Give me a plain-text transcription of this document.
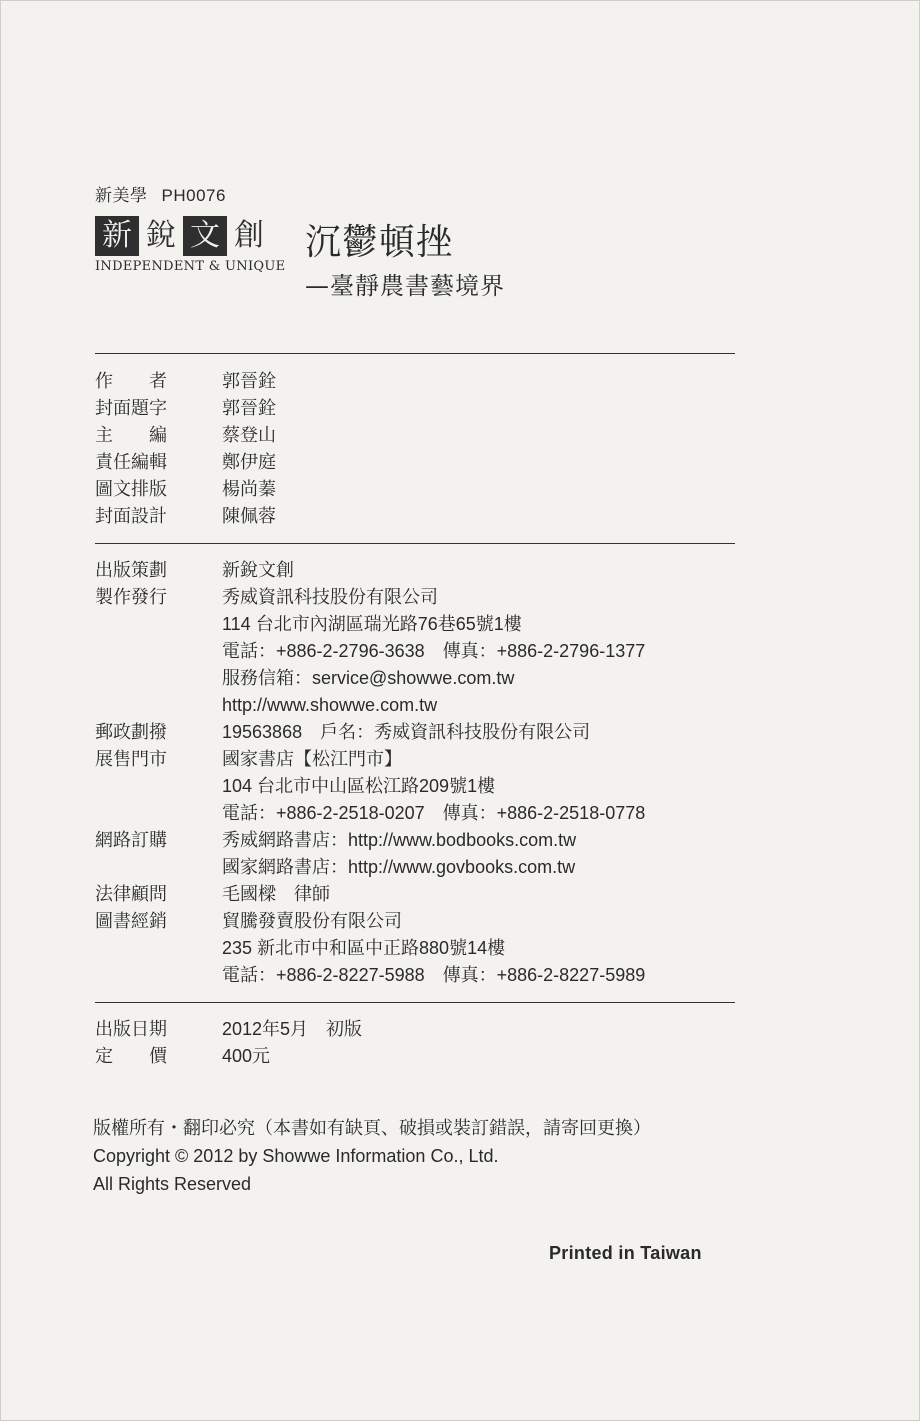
新美學 PH0076
新 銳 文 創
INDEPENDENT & UNIQUE
沉鬱頓挫
—臺靜農書藝境界
作　　者	郭晉銓
封面題字	郭晉銓
主　　編	蔡登山
責任編輯	鄭伊庭
圖文排版	楊尚蓁
封面設計	陳佩蓉
出版策劃	新銳文創
製作發行	秀威資訊科技股份有限公司
114 台北市內湖區瑞光路76巷65號1樓
電話：+886-2-2796-3638　傳真：+886-2-2796-1377
服務信箱：service@showwe.com.tw
http://www.showwe.com.tw
郵政劃撥	19563868　戶名：秀威資訊科技股份有限公司
展售門市	國家書店【松江門市】
104 台北市中山區松江路209號1樓
電話：+886-2-2518-0207　傳真：+886-2-2518-0778
網路訂購	秀威網路書店：http://www.bodbooks.com.tw
國家網路書店：http://www.govbooks.com.tw
法律顧問	毛國樑　律師
圖書經銷	貿騰發賣股份有限公司
235 新北市中和區中正路880號14樓
電話：+886-2-8227-5988　傳真：+886-2-8227-5989
出版日期	2012年5月　初版
定　　價	400元
版權所有・翻印必究（本書如有缺頁、破損或裝訂錯誤，請寄回更換）
Copyright © 2012 by Showwe Information Co., Ltd.
All Rights Reserved
Printed in Taiwan
